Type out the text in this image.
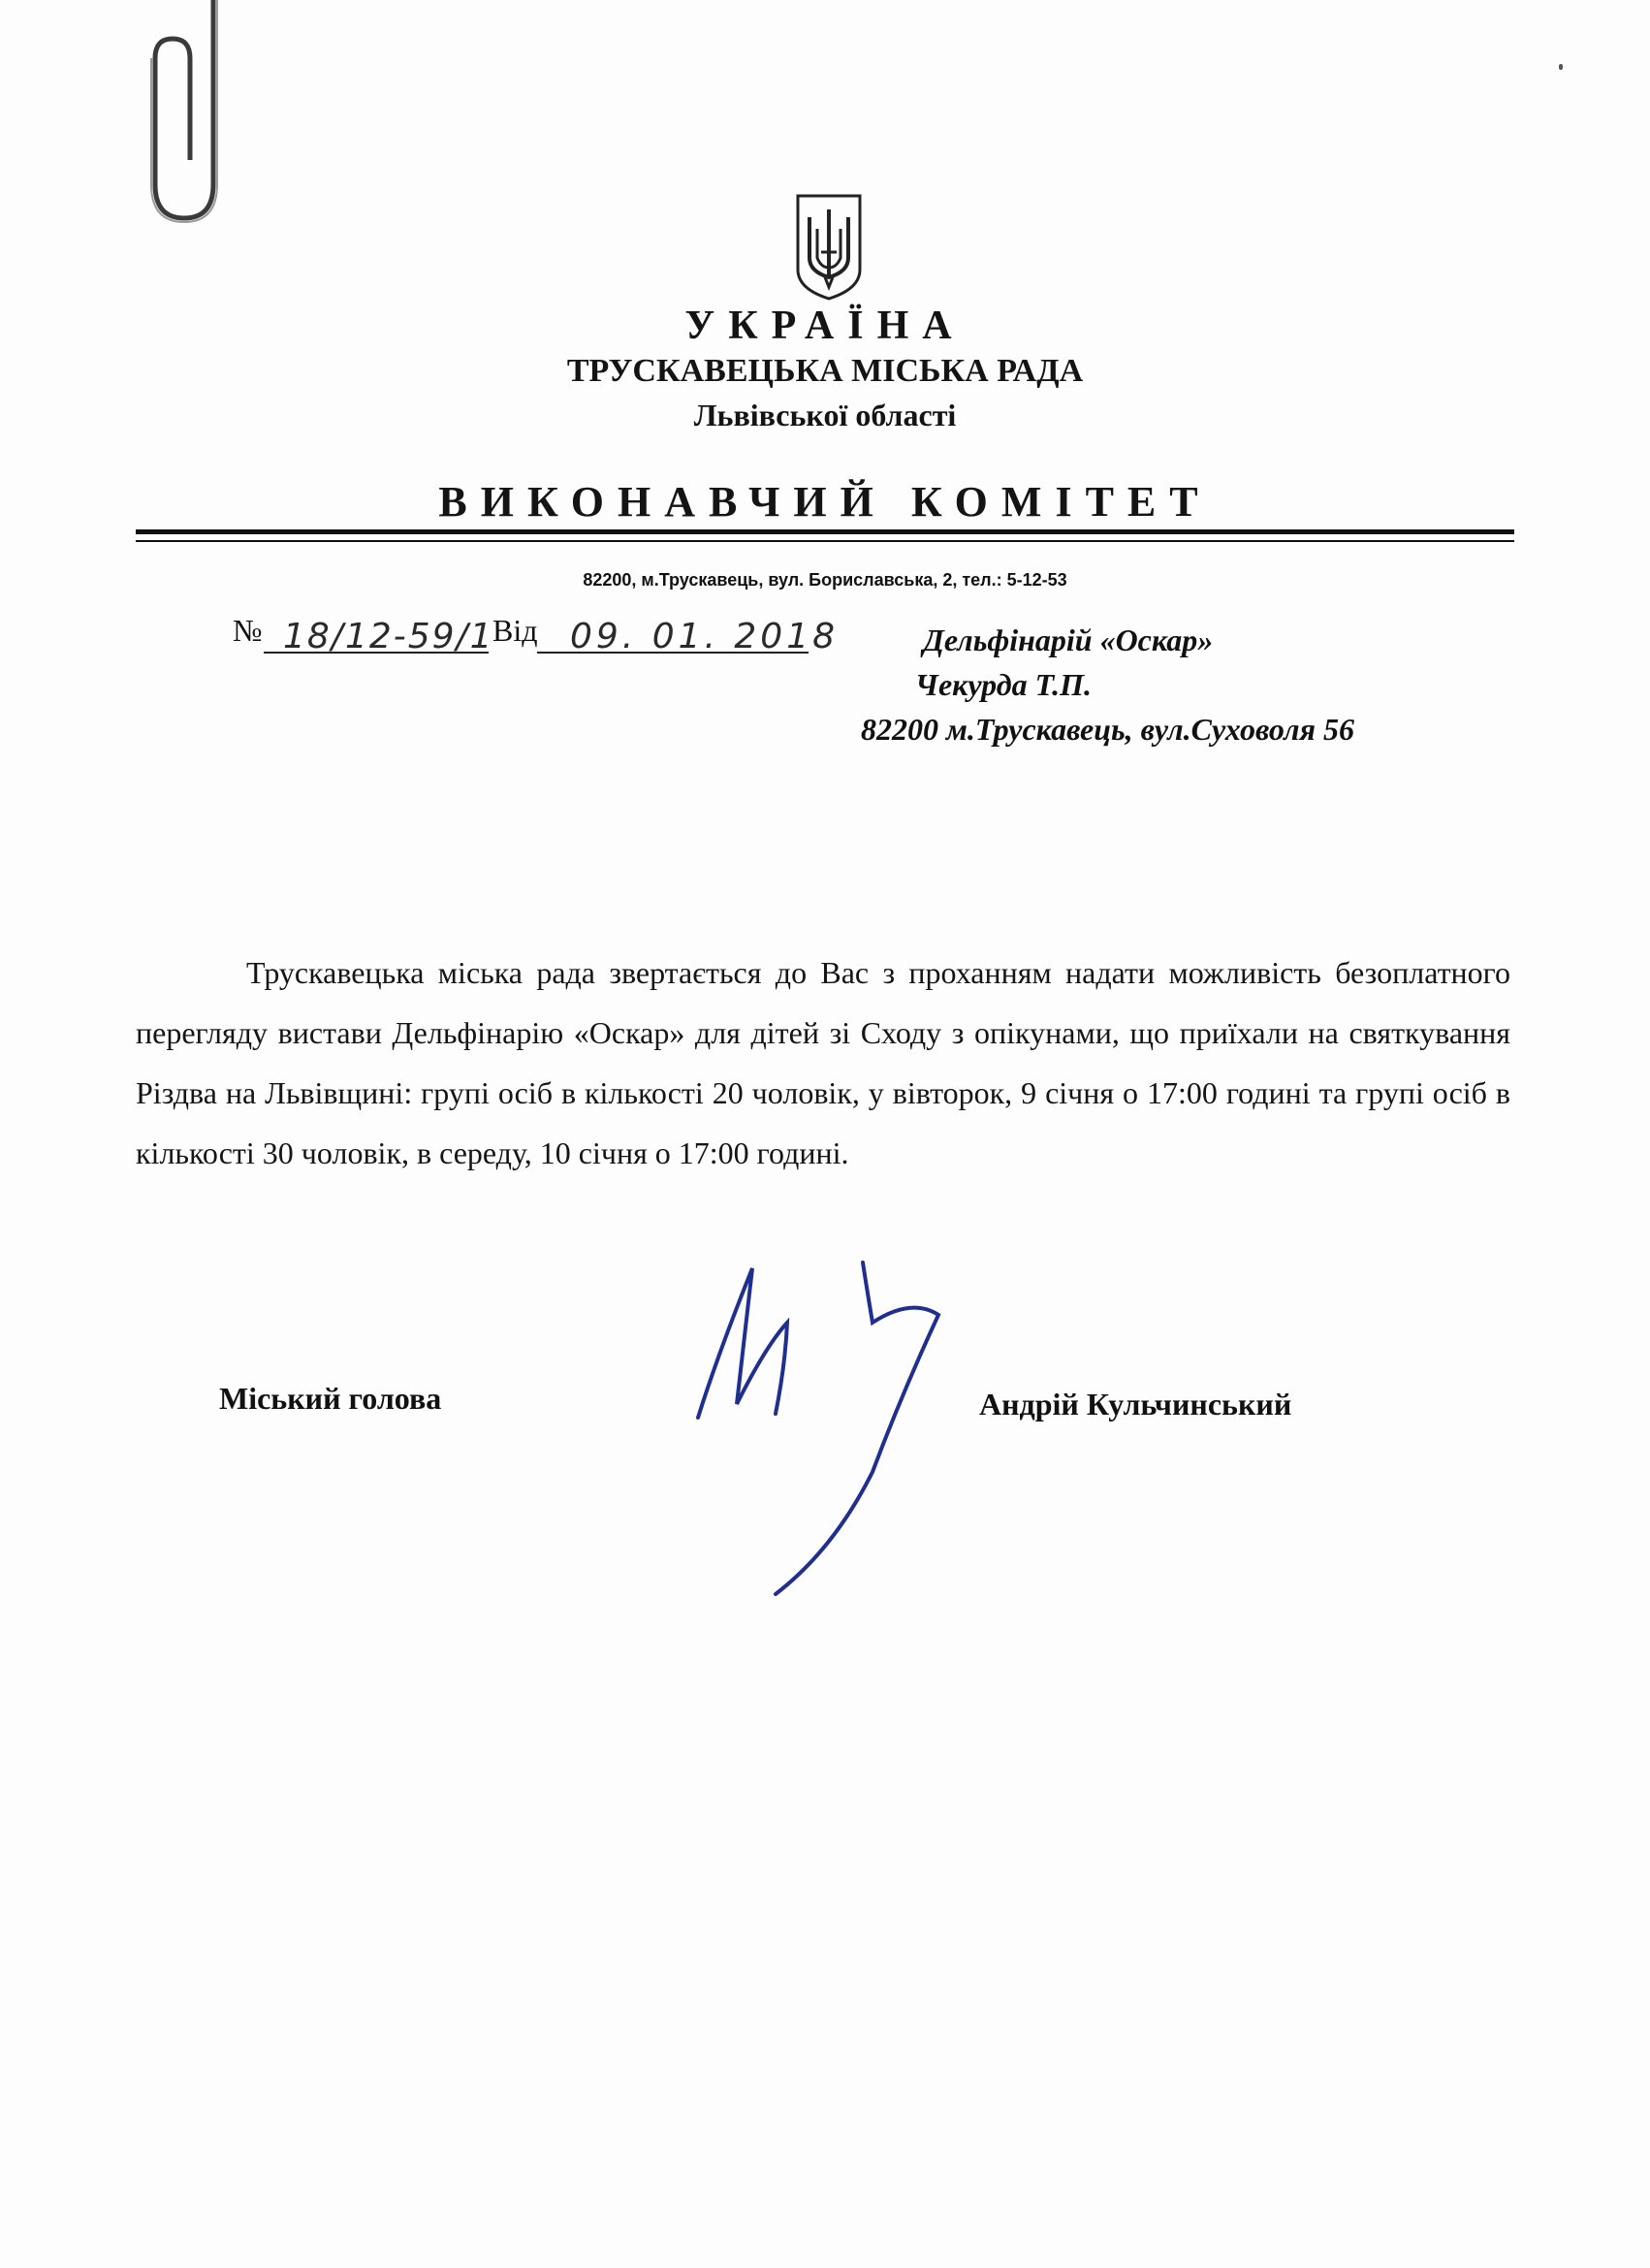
УКРАЇНА
ТРУСКАВЕЦЬКА МІСЬКА РАДА
Львівської області
ВИКОНАВЧИЙ КОМІТЕТ
82200, м.Трускавець, вул. Бориславська, 2, тел.: 5-12-53
№ 18/12-59/1
Від 09. 01. 2018	Дельфінарій «Оскар»
Чекурда Т.П.
82200 м.Трускавець, вул.Суховоля 56
Трускавецька міська рада звертається до Вас з проханням надати можливість безоплатного перегляду вистави Дельфінарію «Оскар» для дітей зі Сходу з опікунами, що приїхали на святкування Різдва на Львівщині: групі осіб в кількості 20 чоловік, у вівторок, 9 січня о 17:00 годині та групі осіб в кількості 30 чоловік, в середу, 10 січня о 17:00 годині.
Міський голова	Андрій Кульчинський
